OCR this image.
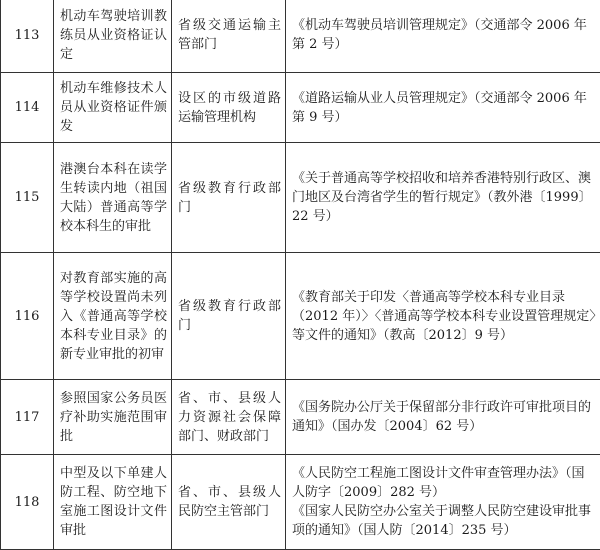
113	机动车驾驶培训教练员从业资格证认定	省级交通运输主管部门	《机动车驾驶员培训管理规定》（交通部令 2006 年第 2 号）

114	机动车维修技术人员从业资格证件颁发	设区的市级道路运输管理机构	《道路运输从业人员管理规定》（交通部令 2006 年第 9 号）

115	港澳台本科在读学生转读内地（祖国大陆）普通高等学校本科生的审批	省级教育行政部门	《关于普通高等学校招收和培养香港特别行政区、澳门地区及台湾省学生的暂行规定》（教外港〔1999〕22 号）

116	对教育部实施的高等学校设置尚未列入《普通高等学校本科专业目录》的新专业审批的初审	省级教育行政部门	《教育部关于印发〈普通高等学校本科专业目录（2012 年）〉〈普通高等学校本科专业设置管理规定〉等文件的通知》（教高〔2012〕9 号）

117	参照国家公务员医疗补助实施范围审批	省、市、县级人力资源社会保障部门、财政部门	《国务院办公厅关于保留部分非行政许可审批项目的通知》（国办发〔2004〕62 号）

118	中型及以下单建人防工程、防空地下室施工图设计文件审批	省、市、县级人民防空主管部门	《人民防空工程施工图设计文件审查管理办法》（国人防字〔2009〕282 号）
《国家人民防空办公室关于调整人民防空建设审批事项的通知》（国人防〔2014〕235 号）
